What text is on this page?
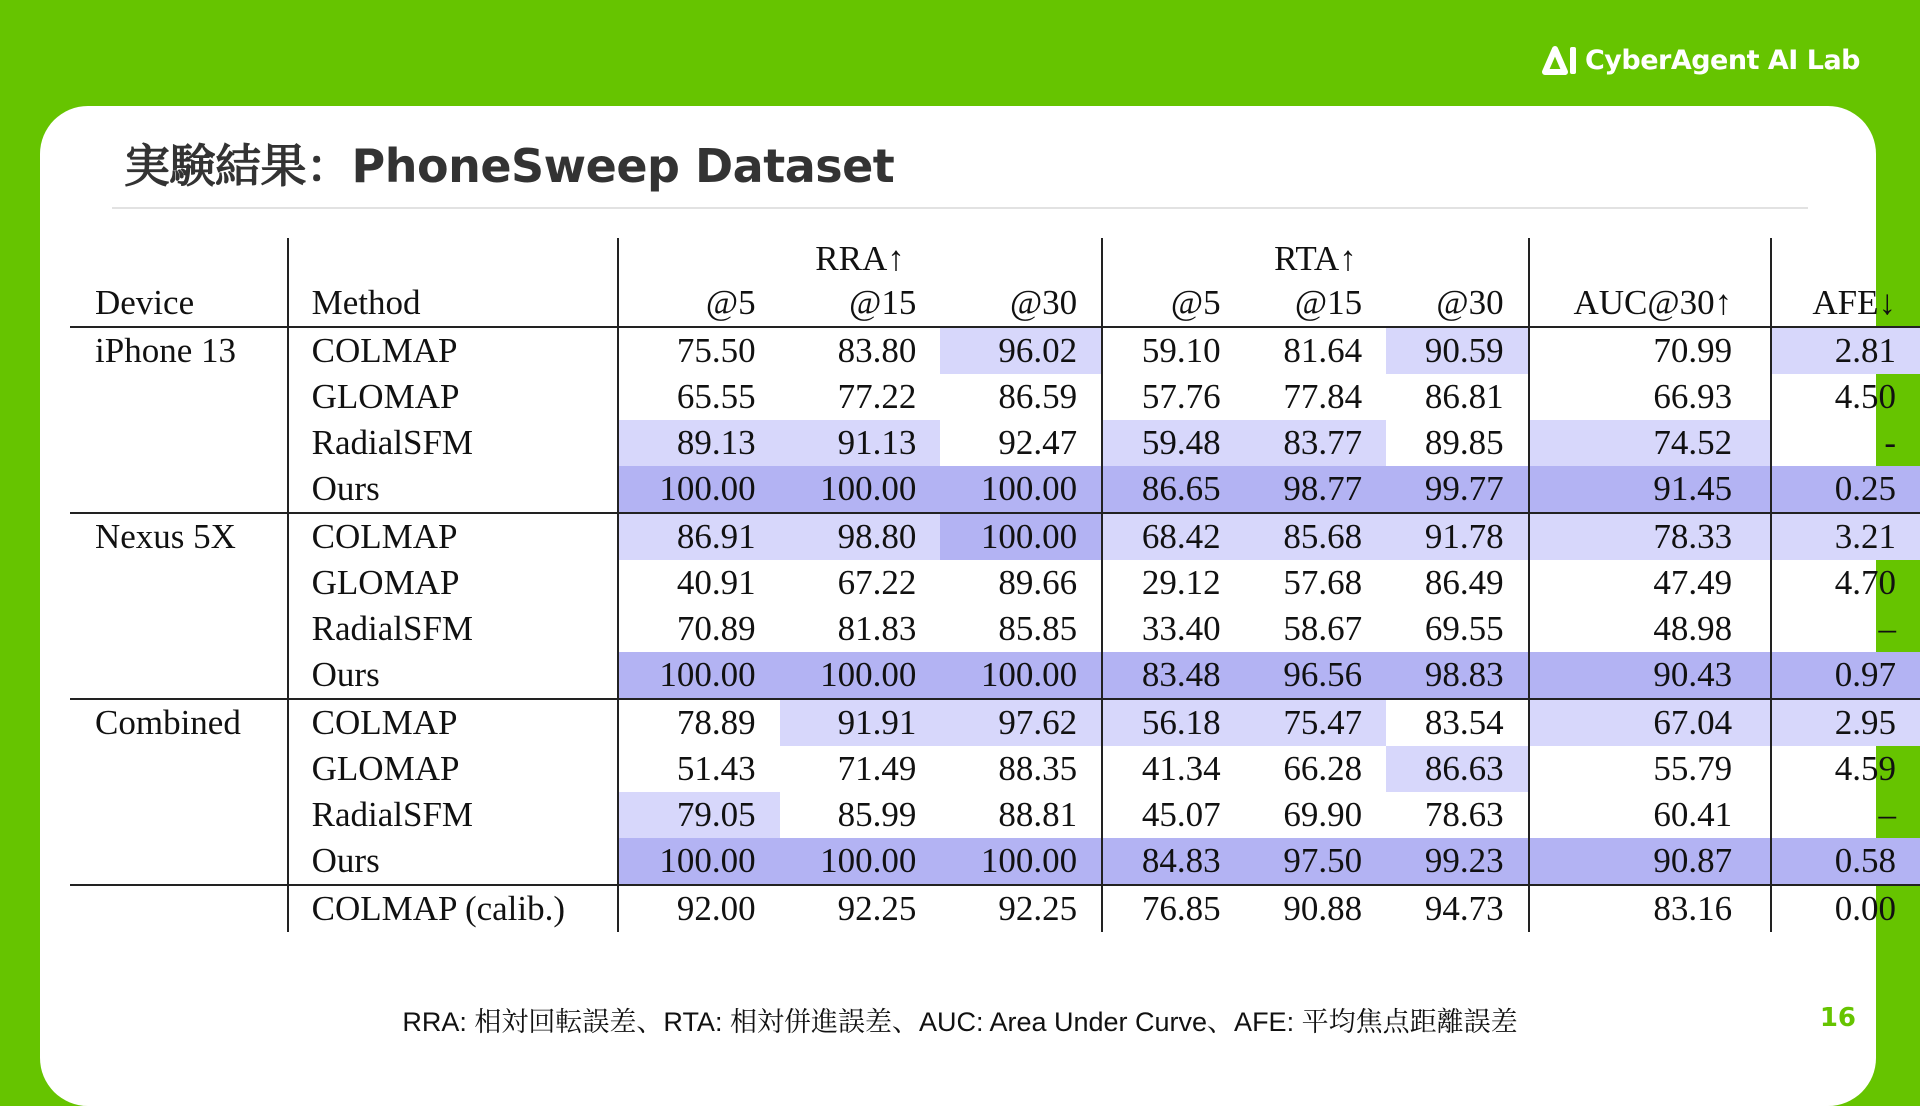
CyberAgent AI Lab
実験結果：PhoneSweep Dataset
		RRA↑			RTA↑				
Device	Method	@5	@15	@30	@5	@15	@30	AUC@30↑	AFE↓
iPhone 13	COLMAP	75.50	83.80	96.02	59.10	81.64	90.59	70.99	2.81
	GLOMAP	65.55	77.22	86.59	57.76	77.84	86.81	66.93	4.50
	RadialSFM	89.13	91.13	92.47	59.48	83.77	89.85	74.52	-
	Ours	100.00	100.00	100.00	86.65	98.77	99.77	91.45	0.25
Nexus 5X	COLMAP	86.91	98.80	100.00	68.42	85.68	91.78	78.33	3.21
	GLOMAP	40.91	67.22	89.66	29.12	57.68	86.49	47.49	4.70
	RadialSFM	70.89	81.83	85.85	33.40	58.67	69.55	48.98	–
	Ours	100.00	100.00	100.00	83.48	96.56	98.83	90.43	0.97
Combined	COLMAP	78.89	91.91	97.62	56.18	75.47	83.54	67.04	2.95
	GLOMAP	51.43	71.49	88.35	41.34	66.28	86.63	55.79	4.59
	RadialSFM	79.05	85.99	88.81	45.07	69.90	78.63	60.41	–
	Ours	100.00	100.00	100.00	84.83	97.50	99.23	90.87	0.58
	COLMAP (calib.)	92.00	92.25	92.25	76.85	90.88	94.73	83.16	0.00
RRA: 相対回転誤差、RTA: 相対併進誤差、AUC: Area Under Curve、AFE: 平均焦点距離誤差	16
